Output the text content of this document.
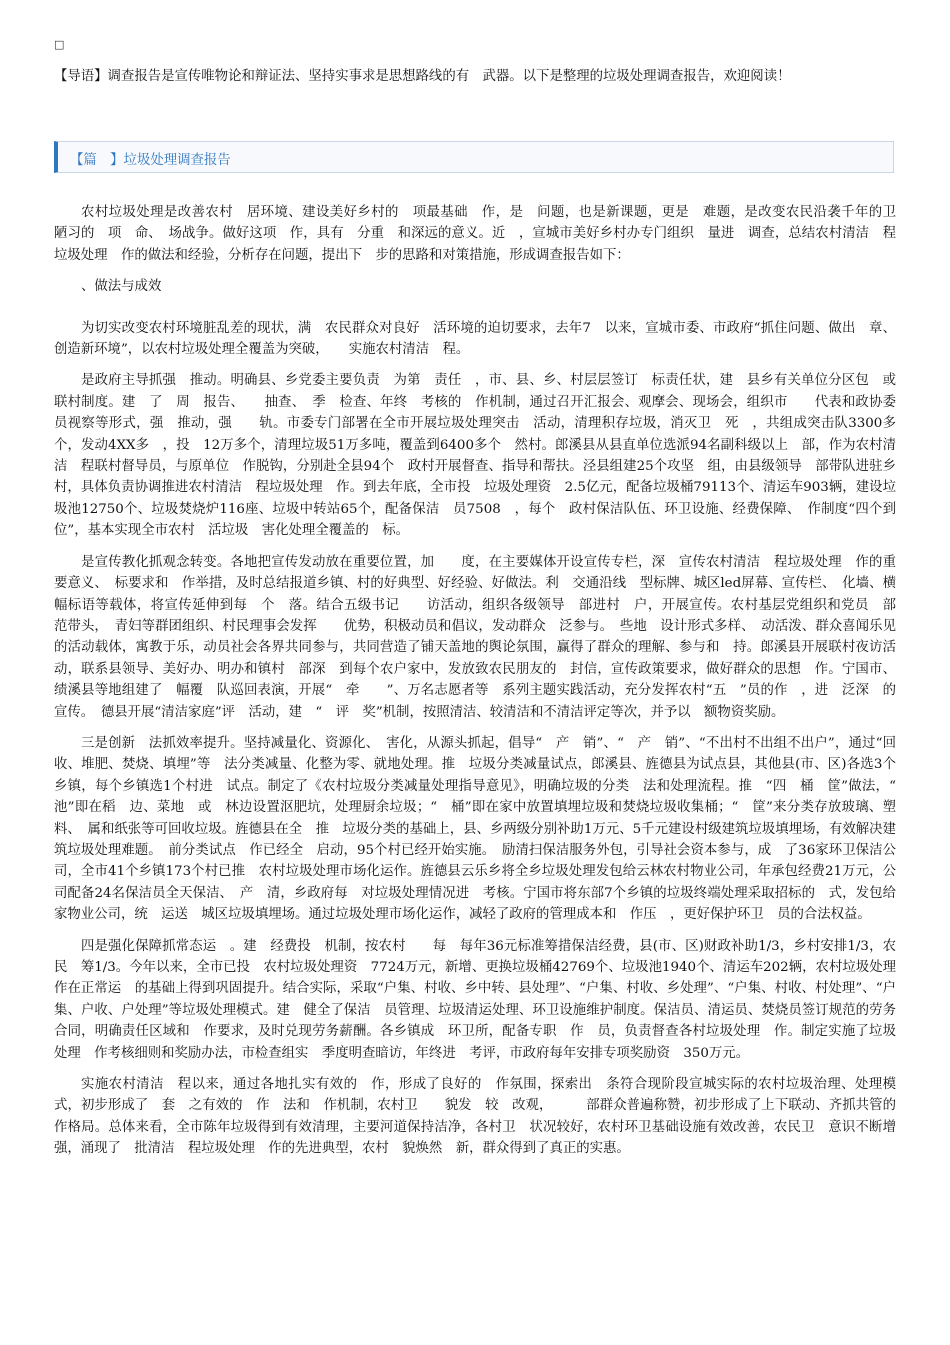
□
【导语】调查报告是宣传唯物论和辩证法、坚持实事求是思想路线的有　武器。以下是整理的垃圾处理调查报告，欢迎阅读！
【篇　】垃圾处理调查报告

农村垃圾处理是改善农村　居环境、建设美好乡村的　项最基础　作，是　问题，也是新课题，更是　难题，是改变农民沿袭千年的卫　陋习的　项　命、　场战争。做好这项　作，具有　分重　和深远的意义。近　，宣城市美好乡村办专门组织　量进　调查，总结农村清洁　程垃圾处理　作的做法和经验，分析存在问题，提出下　步的思路和对策措施，形成调查报告如下：

、做法与成效

为切实改变农村环境脏乱差的现状，满　农民群众对良好　活环境的迫切要求，去年7　以来，宣城市委、市政府“抓住问题、做出　章、创造新环境”，以农村垃圾处理全覆盖为突破，　　实施农村清洁　程。

是政府主导抓强　推动。明确县、乡党委主要负责　为第　责任　，市、县、乡、村层层签订　标责任状，建　县乡有关单位分区包　或联村制度。建　了　周　报告、　　抽查、　季　检查、年终　考核的　作机制，通过召开汇报会、观摩会、现场会，组织市　　代表和政协委员视察等形式，强　推动，强　　轨。市委专门部署在全市开展垃圾处理突击　活动，清理积存垃圾，消灭卫　死　，共组成突击队3300多个，发动4XX多　，投　12万多个，清理垃圾51万多吨，覆盖到6400多个　然村。郎溪县从县直单位选派94名副科级以上　部，作为农村清洁　程联村督导员，与原单位　作脱钩，分别赴全县94个　政村开展督查、指导和帮扶。泾县组建25个攻坚　组，由县级领导　部带队进驻乡村，具体负责协调推进农村清洁　程垃圾处理　作。到去年底，全市投　垃圾处理资　2.5亿元，配备垃圾桶79113个、清运车903辆，建设垃圾池12750个、垃圾焚烧炉116座、垃圾中转站65个，配备保洁　员7508　，每个　政村保洁队伍、环卫设施、经费保障、　作制度“四个到位”，基本实现全市农村　活垃圾　害化处理全覆盖的　标。

是宣传教化抓观念转变。各地把宣传发动放在重要位置，加　　度，在主要媒体开设宣传专栏，深　宣传农村清洁　程垃圾处理　作的重要意义、　标要求和　作举措，及时总结报道乡镇、村的好典型、好经验、好做法。利　交通沿线　型标牌、城区led屏幕、宣传栏、　化墙、横幅标语等载体，将宣传延伸到每　个　落。结合五级书记　　访活动，组织各级领导　部进村　户，开展宣传。农村基层党组织和党员　部　范带头，　青妇等群团组织、村民理事会发挥　　优势，积极动员和倡议，发动群众　泛参与。　些地　设计形式多样、　动活泼、群众喜闻乐见的活动载体，寓教于乐，动员社会各界共同参与，共同营造了铺天盖地的舆论氛围，赢得了群众的理解、参与和　持。郎溪县开展联村夜访活动，联系县领导、美好办、明办和镇村　部深　到每个农户家中，发放致农民朋友的　封信，宣传政策要求，做好群众的思想　作。宁国市、绩溪县等地组建了　幅覆　队巡回表演，开展“　牵　　”、万名志愿者等　系列主题实践活动，充分发挥农村“五　”员的作　，进　泛深　的宣传。　德县开展“清洁家庭”评　活动，建　“　评　奖”机制，按照清洁、较清洁和不清洁评定等次，并予以　额物资奖励。

三是创新　法抓效率提升。坚持减量化、资源化、　害化，从源头抓起，倡导“　产　销”、“　产　销”、“不出村不出组不出户”，通过“回收、堆肥、焚烧、填埋”等　法分类减量、化整为零、就地处理。推　垃圾分类减量试点，郎溪县、旌德县为试点县，其他县(市、区)各选3个乡镇，每个乡镇选1个村进　试点。制定了《农村垃圾分类减量处理指导意见》，明确垃圾的分类　法和处理流程。推　“四　桶　筐”做法，“　池”即在稻　边、菜地　或　林边设置沤肥坑，处理厨余垃圾；“　桶”即在家中放置填埋垃圾和焚烧垃圾收集桶；“　筐”来分类存放玻璃、塑料、　属和纸张等可回收垃圾。旌德县在全　推　垃圾分类的基础上，县、乡两级分别补助1万元、5千元建设村级建筑垃圾填埋场，有效解决建筑垃圾处理难题。　前分类试点　作已经全　启动，95个村已经开始实施。　励清扫保洁服务外包，引导社会资本参与，成　了36家环卫保洁公司，全市41个乡镇173个村已推　农村垃圾处理市场化运作。旌德县云乐乡将全乡垃圾处理发包给云林农村物业公司，年承包经费21万元，公司配备24名保洁员全天保洁、　产　清，乡政府每　对垃圾处理情况进　考核。宁国市将东部7个乡镇的垃圾终端处理采取招标的　式，发包给　家物业公司，统　运送　城区垃圾填埋场。通过垃圾处理市场化运作，减轻了政府的管理成本和　作压　，更好保护环卫　员的合法权益。

四是强化保障抓常态运　。建　经费投　机制，按农村　　每　每年36元标准筹措保洁经费，县(市、区)财政补助1/3，乡村安排1/3，农民　筹1/3。今年以来，全市已投　农村垃圾处理资　7724万元，新增、更换垃圾桶42769个、垃圾池1940个、清运车202辆，农村垃圾处理　作在正常运　的基础上得到巩固提升。结合实际，采取“户集、村收、乡中转、县处理”、“户集、村收、乡处理”、“户集、村收、村处理”、“户集、户收、户处理”等垃圾处理模式。建　健全了保洁　员管理、垃圾清运处理、环卫设施维护制度。保洁员、清运员、焚烧员签订规范的劳务合同，明确责任区域和　作要求，及时兑现劳务薪酬。各乡镇成　环卫所，配备专职　作　员，负责督查各村垃圾处理　作。制定实施了垃圾处理　作考核细则和奖励办法，市检查组实　季度明查暗访，年终进　考评，市政府每年安排专项奖励资　350万元。

实施农村清洁　程以来，通过各地扎实有效的　作，形成了良好的　作氛围，探索出　条符合现阶段宣城实际的农村垃圾治理、处理模式，初步形成了　套　之有效的　作　法和　作机制，农村卫　　貌发　较　改观，　　　部群众普遍称赞，初步形成了上下联动、齐抓共管的　作格局。总体来看，全市陈年垃圾得到有效清理，主要河道保持洁净，各村卫　状况较好，农村环卫基础设施有效改善，农民卫　意识不断增强，涌现了　批清洁　程垃圾处理　作的先进典型，农村　貌焕然　新，群众得到了真正的实惠。
